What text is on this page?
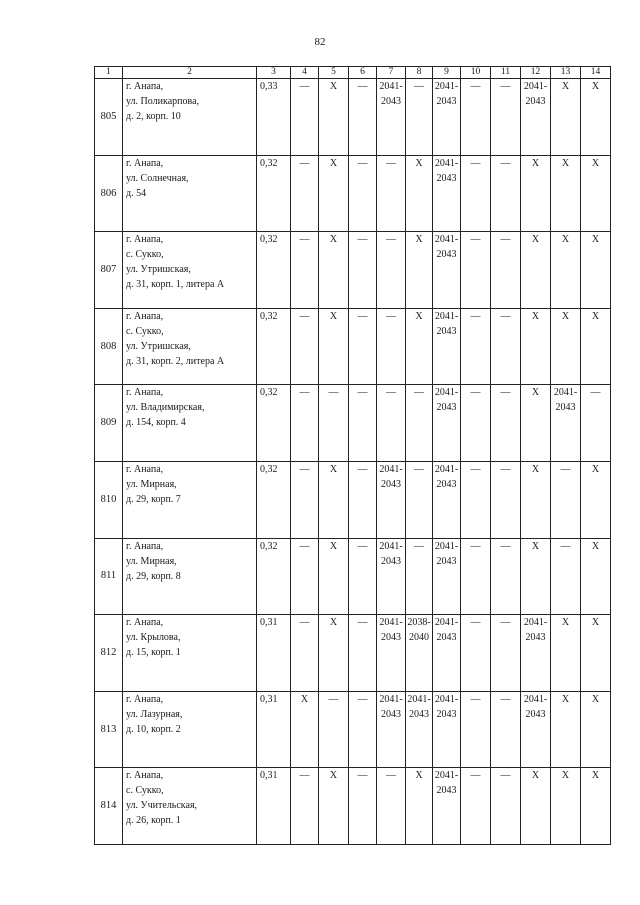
82
1	2	3	4	5	6	7	8	9	10	11	12	13	14
805	г. Анапа,
ул. Поликарпова,
д. 2, корп. 10	0,33	—	X	—	2041-
2043	—	2041-
2043	—	—	2041-
2043	X	X
806	г. Анапа,
ул. Солнечная,
д. 54	0,32	—	X	—	—	X	2041-
2043	—	—	X	X	X
807	г. Анапа,
с. Сукко,
ул. Утришская,
д. 31, корп. 1, литера А	0,32	—	X	—	—	X	2041-
2043	—	—	X	X	X
808	г. Анапа,
с. Сукко,
ул. Утришская,
д. 31, корп. 2, литера А	0,32	—	X	—	—	X	2041-
2043	—	—	X	X	X
809	г. Анапа,
ул. Владимирская,
д. 154, корп. 4	0,32	—	—	—	—	—	2041-
2043	—	—	X	2041-
2043	—
810	г. Анапа,
ул. Мирная,
д. 29, корп. 7	0,32	—	X	—	2041-
2043	—	2041-
2043	—	—	X	—	X
811	г. Анапа,
ул. Мирная,
д. 29, корп. 8	0,32	—	X	—	2041-
2043	—	2041-
2043	—	—	X	—	X
812	г. Анапа,
ул. Крылова,
д. 15, корп. 1	0,31	—	X	—	2041-
2043	2038-
2040	2041-
2043	—	—	2041-
2043	X	X
813	г. Анапа,
ул. Лазурная,
д. 10, корп. 2	0,31	X	—	—	2041-
2043	2041-
2043	2041-
2043	—	—	2041-
2043	X	X
814	г. Анапа,
с. Сукко,
ул. Учительская,
д. 26, корп. 1	0,31	—	X	—	—	X	2041-
2043	—	—	X	X	X
